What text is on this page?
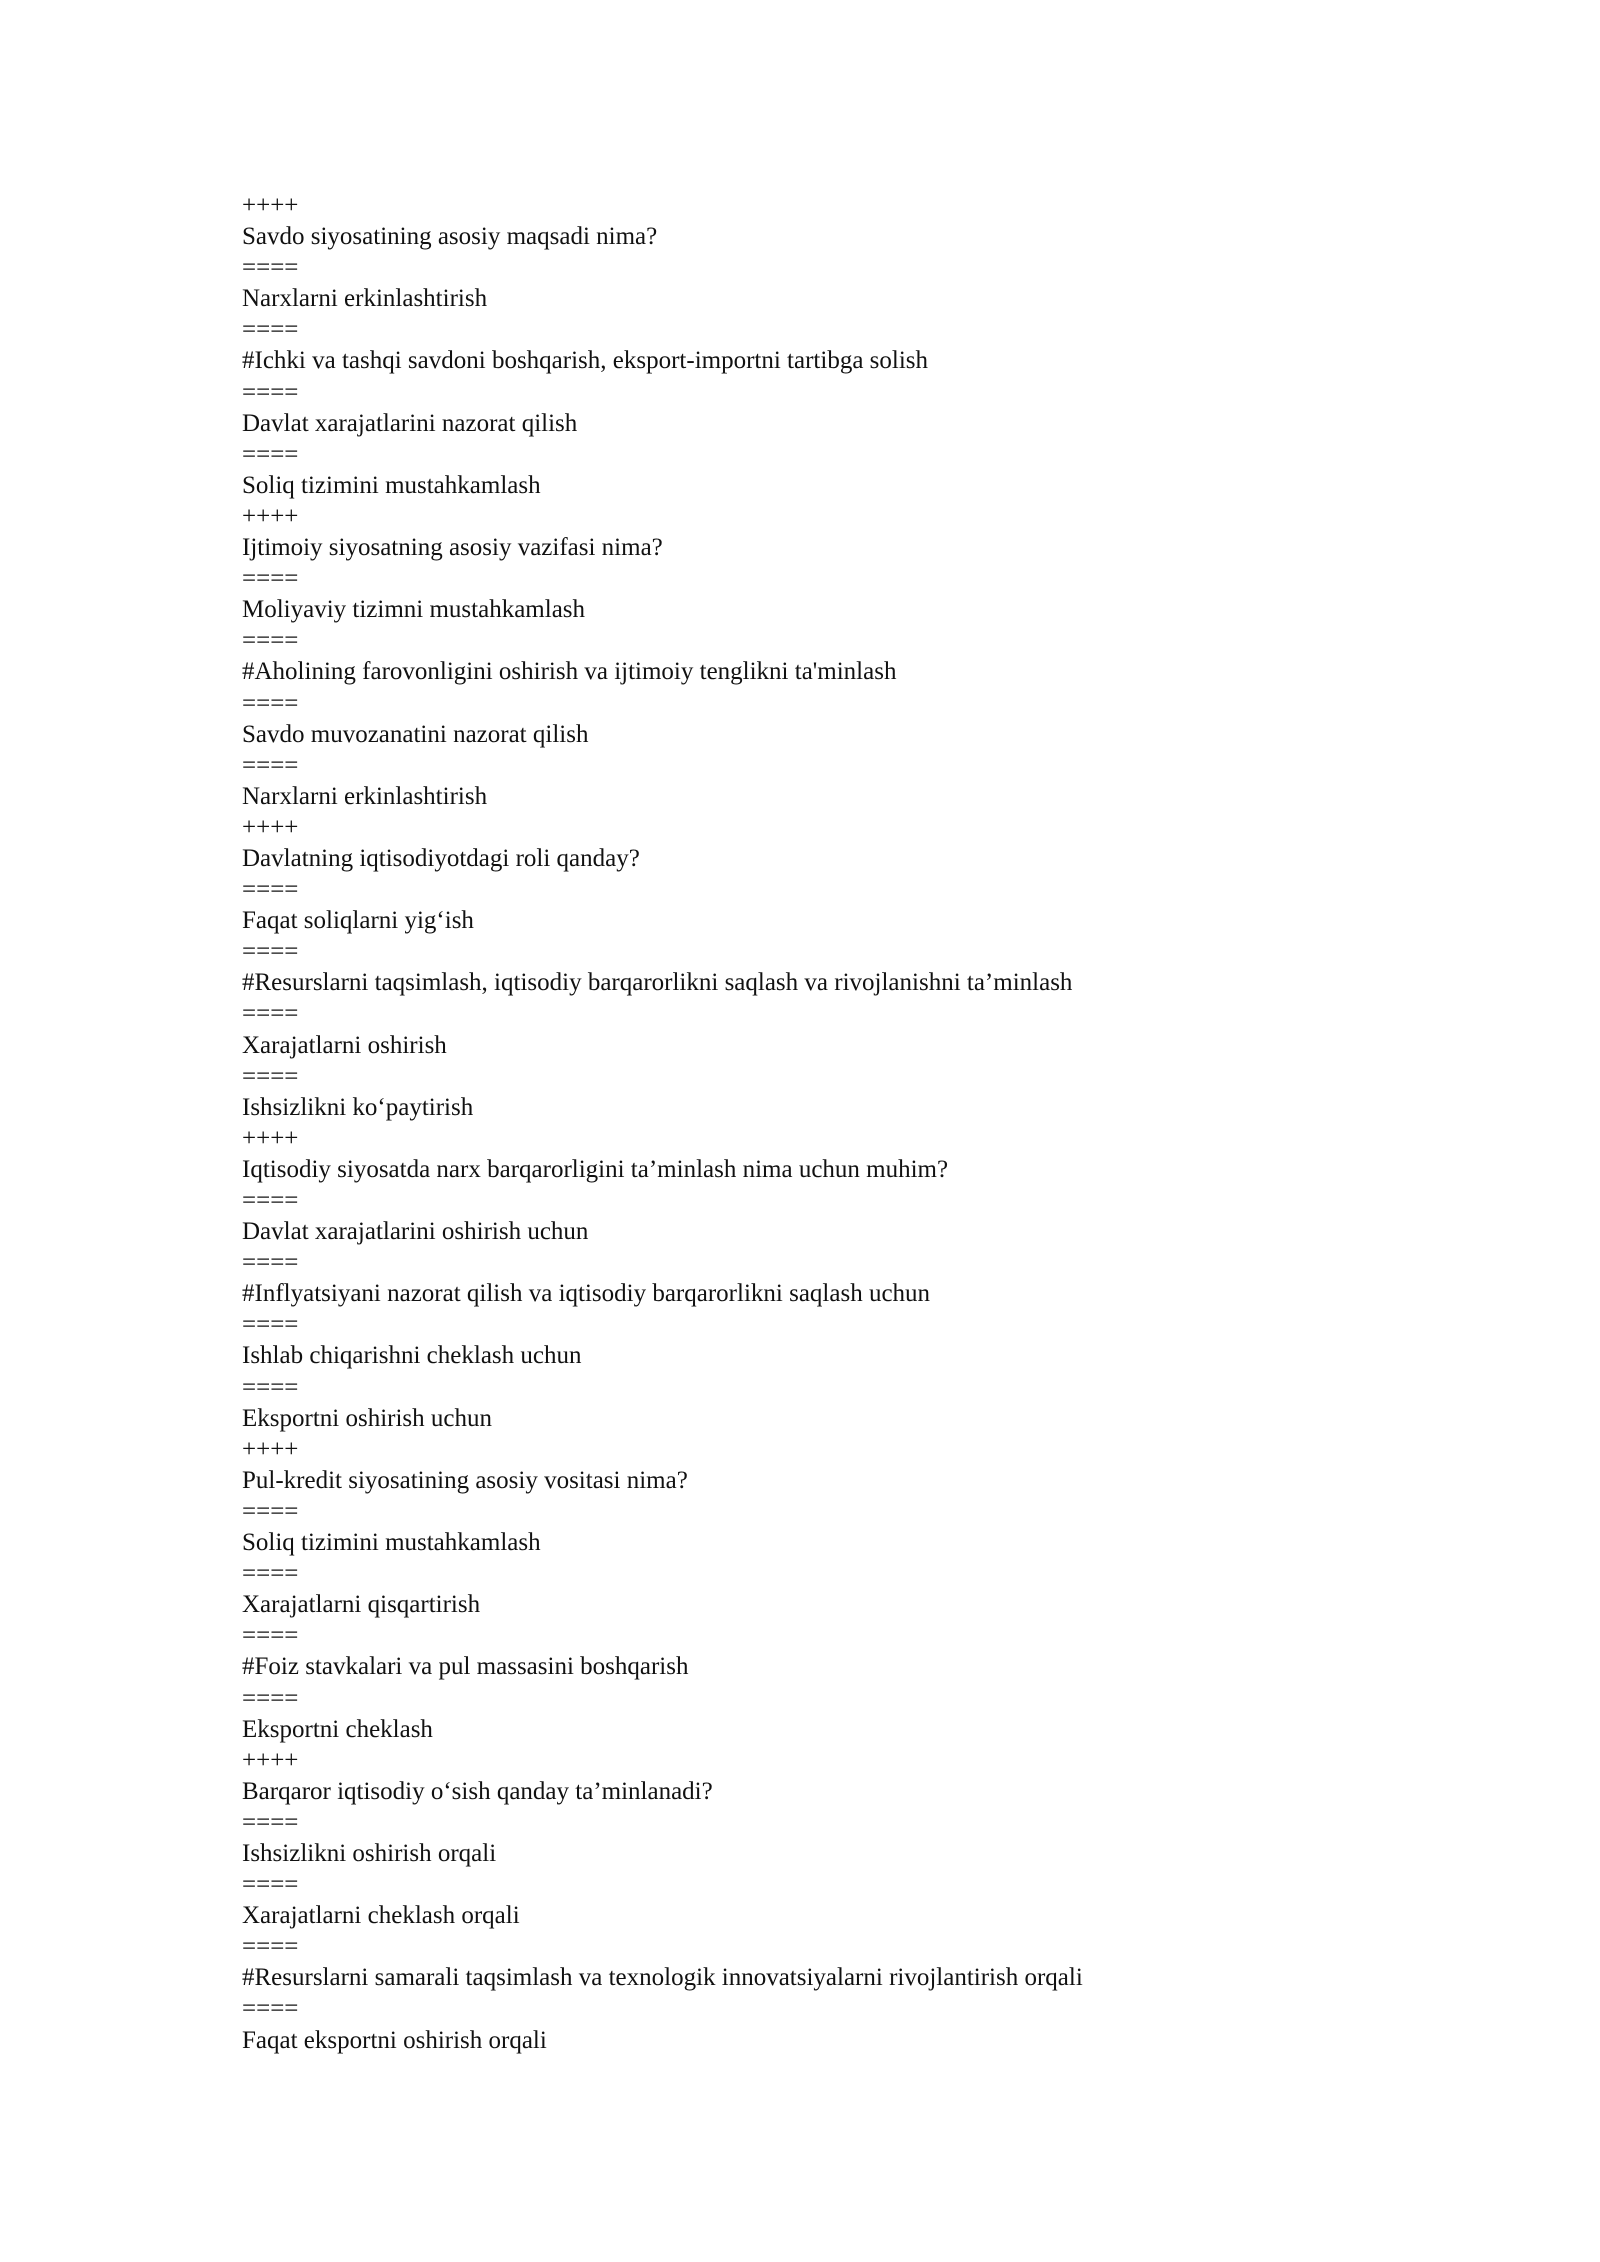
++++
Savdo siyosatining asosiy maqsadi nima?
====
Narxlarni erkinlashtirish
====
#Ichki va tashqi savdoni boshqarish, eksport-importni tartibga solish
====
Davlat xarajatlarini nazorat qilish
====
Soliq tizimini mustahkamlash
++++
Ijtimoiy siyosatning asosiy vazifasi nima?
====
Moliyaviy tizimni mustahkamlash
====
#Aholining farovonligini oshirish va ijtimoiy tenglikni ta'minlash
====
Savdo muvozanatini nazorat qilish
====
Narxlarni erkinlashtirish
++++
Davlatning iqtisodiyotdagi roli qanday?
====
Faqat soliqlarni yig‘ish
====
#Resurslarni taqsimlash, iqtisodiy barqarorlikni saqlash va rivojlanishni ta’minlash
====
Xarajatlarni oshirish
====
Ishsizlikni ko‘paytirish
++++
Iqtisodiy siyosatda narx barqarorligini ta’minlash nima uchun muhim?
====
Davlat xarajatlarini oshirish uchun
====
#Inflyatsiyani nazorat qilish va iqtisodiy barqarorlikni saqlash uchun
====
Ishlab chiqarishni cheklash uchun
====
Eksportni oshirish uchun
++++
Pul-kredit siyosatining asosiy vositasi nima?
====
Soliq tizimini mustahkamlash
====
Xarajatlarni qisqartirish
====
#Foiz stavkalari va pul massasini boshqarish
====
Eksportni cheklash
++++
Barqaror iqtisodiy o‘sish qanday ta’minlanadi?
====
Ishsizlikni oshirish orqali
====
Xarajatlarni cheklash orqali
====
#Resurslarni samarali taqsimlash va texnologik innovatsiyalarni rivojlantirish orqali
====
Faqat eksportni oshirish orqali
